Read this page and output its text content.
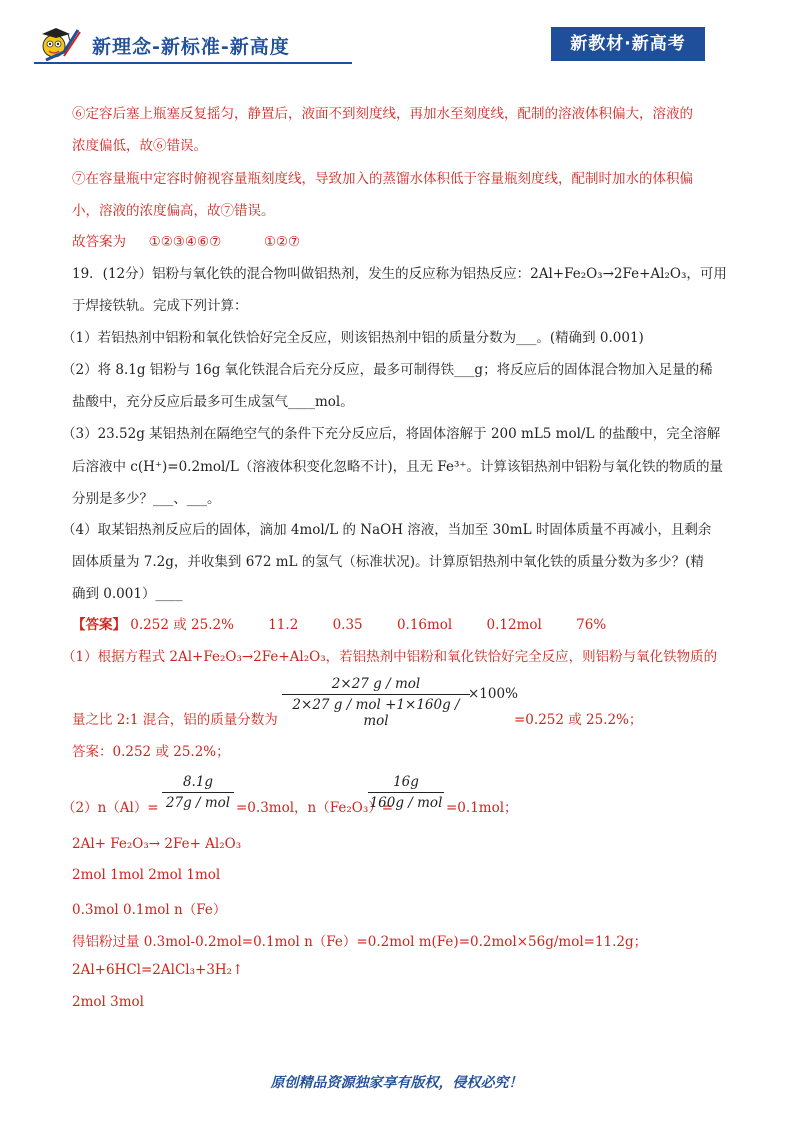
新理念-新标准-新高度	新教材·新高考
⑥定容后塞上瓶塞反复摇匀，静置后，液面不到刻度线，再加水至刻度线，配制的溶液体积偏大，溶液的
浓度偏低，故⑥错误。
⑦在容量瓶中定容时俯视容量瓶刻度线，导致加入的蒸馏水体积低于容量瓶刻度线，配制时加水的体积偏
小，溶液的浓度偏高，故⑦错误。
故答案为 ①②③④⑥⑦	①②⑦
19．(12分）铝粉与氧化铁的混合物叫做铝热剂，发生的反应称为铝热反应：2Al+Fe₂O₃→2Fe+Al₂O₃，可用
于焊接铁轨。完成下列计算：
（1）若铝热剂中铝粉和氧化铁恰好完全反应，则该铝热剂中铝的质量分数为___。(精确到 0.001)
（2）将 8.1g 铝粉与 16g 氧化铁混合后充分反应，最多可制得铁___g；将反应后的固体混合物加入足量的稀
盐酸中，充分反应后最多可生成氢气____mol。
（3）23.52g 某铝热剂在隔绝空气的条件下充分反应后，将固体溶解于 200 mL5 mol/L 的盐酸中，完全溶解
后溶液中 c(H⁺)=0.2mol/L（溶液体积变化忽略不计)，且无 Fe³⁺。计算该铝热剂中铝粉与氧化铁的物质的量
分别是多少？___、___。
（4）取某铝热剂反应后的固体，滴加 4mol/L 的 NaOH 溶液，当加至 30mL 时固体质量不再减小，且剩余
固体质量为 7.2g，并收集到 672 mL 的氢气（标准状况)。计算原铝热剂中氧化铁的质量分数为多少？(精
确到 0.001）____
【答案】 0.252 或 25.2%	11.2	0.35	0.16mol	0.12mol	76%
（1）根据方程式 2Al+Fe₂O₃→2Fe+Al₂O₃，若铝热剂中铝粉和氧化铁恰好完全反应，则铝粉与氧化铁物质的
量之比 2:1 混合，铝的质量分数为
2×27 g / mol
2×27 g / mol +1×160g / mol
×100%
=0.252 或 25.2%；
答案：0.252 或 25.2%；
（2）n（Al）=
8.1g
27g / mol =0.3mol，n（Fe₂O₃）=
16g
160g / mol =0.1mol；
2Al+ Fe₂O₃→ 2Fe+ Al₂O₃
2mol 1mol 2mol 1mol
0.3mol 0.1mol n（Fe）
得铝粉过量 0.3mol-0.2mol=0.1mol n（Fe）=0.2mol m(Fe)=0.2mol×56g/mol=11.2g；
2Al+6HCl=2AlCl₃+3H₂↑
2mol 3mol
原创精品资源独家享有版权，侵权必究！
